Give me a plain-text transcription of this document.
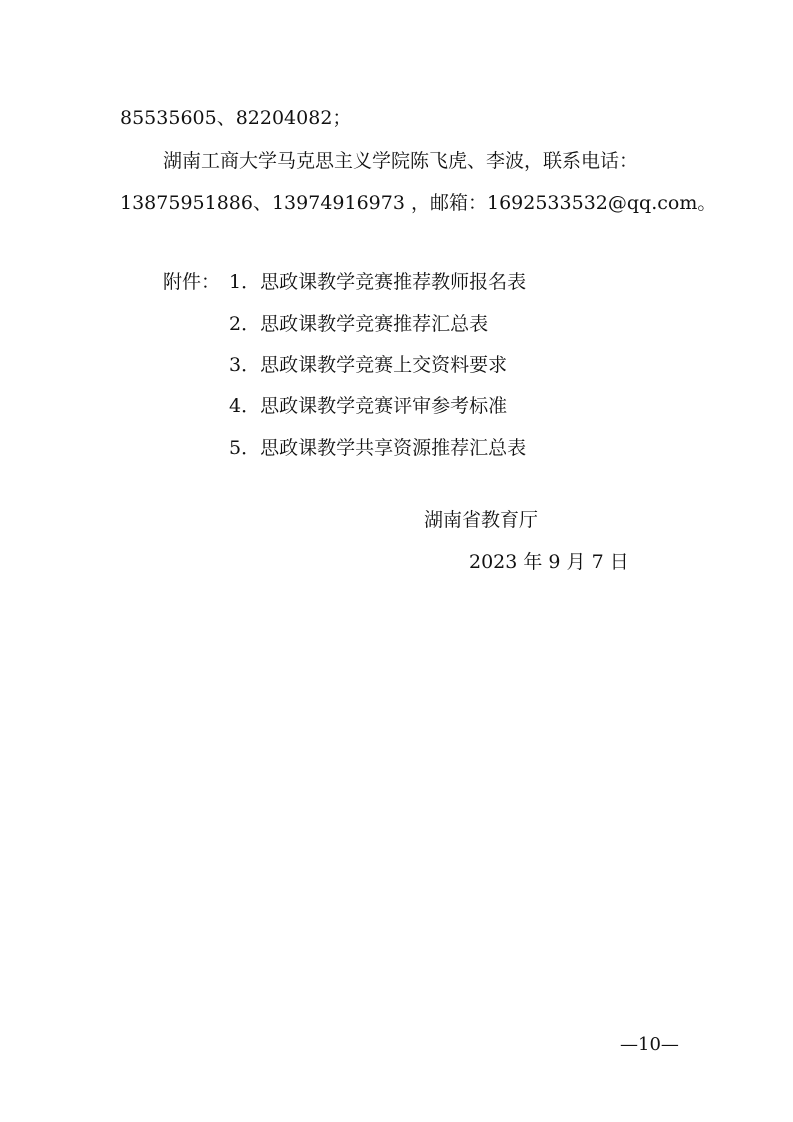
85535605、82204082；
湖南工商大学马克思主义学院陈飞虎、李波，联系电话：
13875951886、13974916973 ，邮箱：1692533532@qq.com。
附件： 1．思政课教学竞赛推荐教师报名表
2．思政课教学竞赛推荐汇总表
3．思政课教学竞赛上交资料要求
4．思政课教学竞赛评审参考标准
5．思政课教学共享资源推荐汇总表
湖南省教育厅
2023 年 9 月 7 日
—10—
